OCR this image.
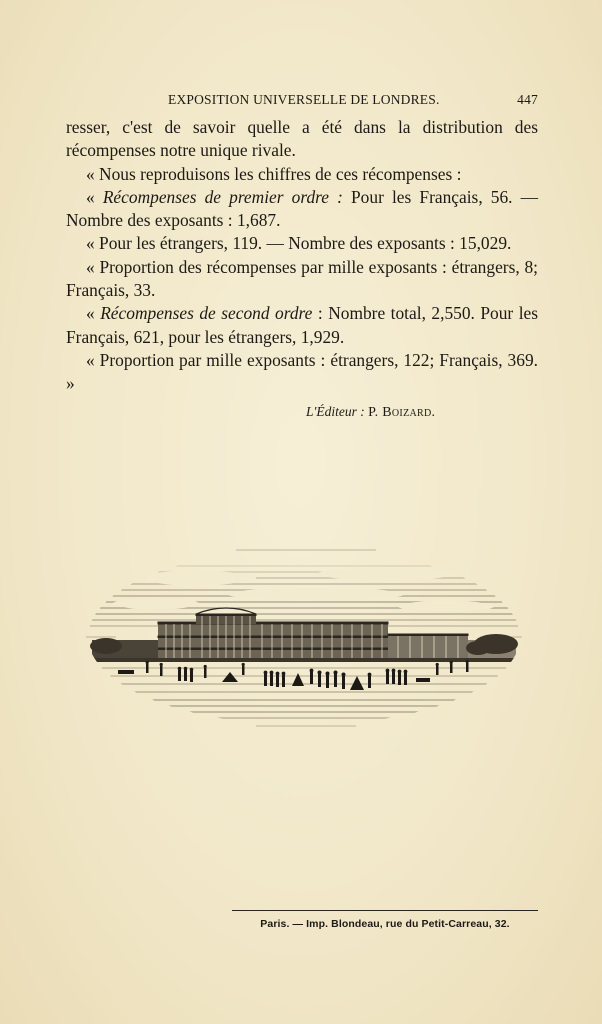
EXPOSITION UNIVERSELLE DE LONDRES.	447

resser, c'est de savoir quelle a été dans la distribution des récompenses notre unique rivale.

« Nous reproduisons les chiffres de ces récompenses :

« Récompenses de premier ordre : Pour les Français, 56. — Nombre des exposants : 1,687.

« Pour les étrangers, 119. — Nombre des exposants : 15,029.

« Proportion des récompenses par mille exposants : étrangers, 8; Français, 33.

« Récompenses de second ordre : Nombre total, 2,550. Pour les Français, 621, pour les étrangers, 1,929.

« Proportion par mille exposants : étrangers, 122; Français, 369. »

L'Éditeur : P. Boizard.
Paris. — Imp. Blondeau, rue du Petit-Carreau, 32.
